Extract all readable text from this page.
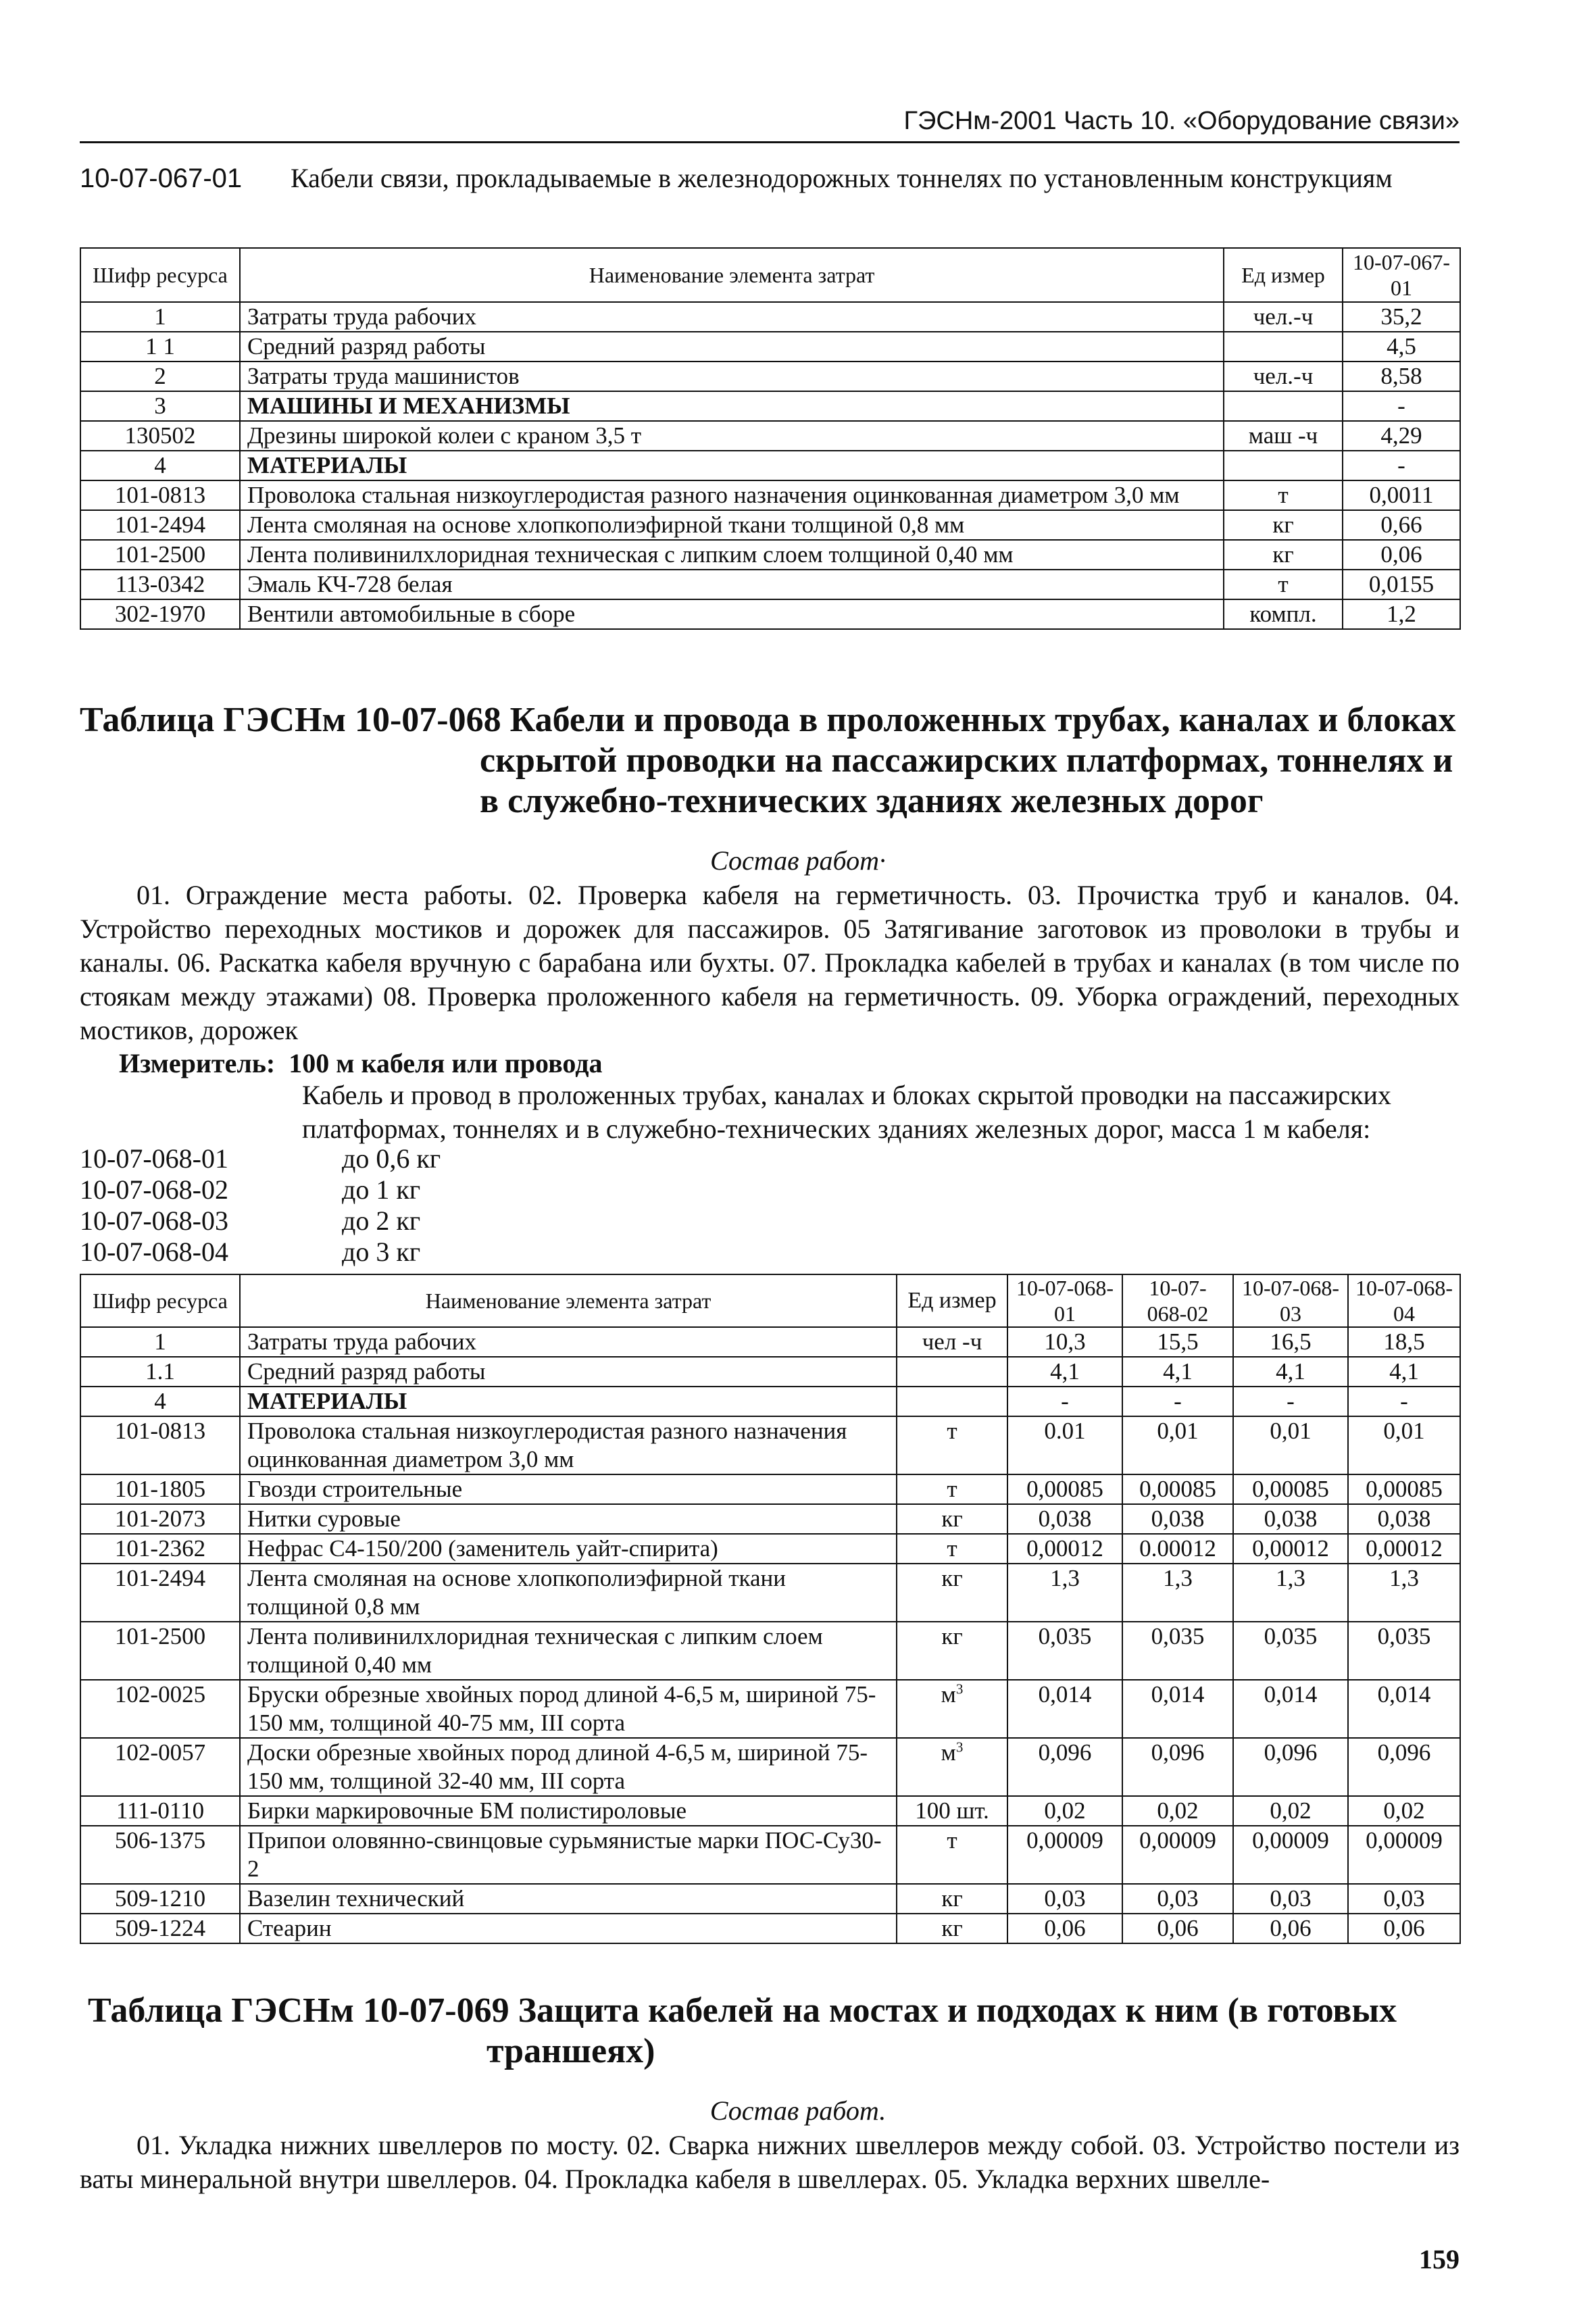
ГЭСНм-2001 Часть 10. «Оборудование связи»
10-07-067-01 Кабели связи, прокладываемые в железнодорожных тоннелях по установленным конструкциям
Шифр ресурса	Наименование элемента затрат	Ед измер	10-07-067-01
1	Затраты труда рабочих	чел.-ч	35,2
1 1	Средний разряд работы		4,5
2	Затраты труда машинистов	чел.-ч	8,58
3	МАШИНЫ И МЕХАНИЗМЫ		-
130502	Дрезины широкой колеи с краном 3,5 т	маш -ч	4,29
4	МАТЕРИАЛЫ		-
101-0813	Проволока стальная низкоуглеродистая разного назначения оцинкованная диаметром 3,0 мм	т	0,0011
101-2494	Лента смоляная на основе хлопкополиэфирной ткани толщиной 0,8 мм	кг	0,66
101-2500	Лента поливинилхлоридная техническая с липким слоем толщиной 0,40 мм	кг	0,06
113-0342	Эмаль КЧ-728 белая	т	0,0155
302-1970	Вентили автомобильные в сборе	компл.	1,2
Таблица ГЭСНм 10-07-068 Кабели и провода в проложенных трубах, каналах и блоках
скрытой проводки на пассажирских платформах, тоннелях и
в служебно-технических зданиях железных дорог
Состав работ·
01. Ограждение места работы. 02. Проверка кабеля на герметичность. 03. Прочистка труб и каналов. 04. Устройство переходных мостиков и дорожек для пассажиров. 05 Затягивание заготовок из проволоки в трубы и каналы. 06. Раскатка кабеля вручную с барабана или бухты. 07. Прокладка кабелей в трубах и каналах (в том числе по стоякам между этажами) 08. Проверка проложенного кабеля на герметичность. 09. Уборка ограждений, переходных мостиков, дорожек
Измеритель: 100 м кабеля или провода
Кабель и провод в проложенных трубах, каналах и блоках скрытой проводки на пассажирских платформах, тоннелях и в служебно-технических зданиях железных дорог, масса 1 м кабеля:
10-07-068-01	до 0,6 кг
10-07-068-02	до 1 кг
10-07-068-03	до 2 кг
10-07-068-04	до 3 кг
Шифр ресурса	Наименование элемента затрат	Ед измер	10-07-068-01	10-07-068-02	10-07-068-03	10-07-068-04
1	Затраты труда рабочих	чел -ч	10,3	15,5	16,5	18,5
1.1	Средний разряд работы		4,1	4,1	4,1	4,1
4	МАТЕРИАЛЫ		-	-	-	-
101-0813	Проволока стальная низкоуглеродистая разного назначения оцинкованная диаметром 3,0 мм	т	0.01	0,01	0,01	0,01
101-1805	Гвозди строительные	т	0,00085	0,00085	0,00085	0,00085
101-2073	Нитки суровые	кг	0,038	0,038	0,038	0,038
101-2362	Нефрас С4-150/200 (заменитель уайт-спирита)	т	0,00012	0.00012	0,00012	0,00012
101-2494	Лента смоляная на основе хлопкополиэфирной ткани толщиной 0,8 мм	кг	1,3	1,3	1,3	1,3
101-2500	Лента поливинилхлоридная техническая с липким слоем толщиной 0,40 мм	кг	0,035	0,035	0,035	0,035
102-0025	Бруски обрезные хвойных пород длиной 4-6,5 м, шириной 75-150 мм, толщиной 40-75 мм, III сорта	$м^3$	0,014	0,014	0,014	0,014
102-0057	Доски обрезные хвойных пород длиной 4-6,5 м, шириной 75-150 мм, толщиной 32-40 мм, III сорта	$м^3$	0,096	0,096	0,096	0,096
111-0110	Бирки маркировочные БМ полистироловые	100 шт.	0,02	0,02	0,02	0,02
506-1375	Припои оловянно-свинцовые сурьмянистые марки ПОС-Су30-2	т	0,00009	0,00009	0,00009	0,00009
509-1210	Вазелин технический	кг	0,03	0,03	0,03	0,03
509-1224	Стеарин	кг	0,06	0,06	0,06	0,06
Таблица ГЭСНм 10-07-069 Защита кабелей на мостах и подходах к ним (в готовых
траншеях)
Состав работ.
01. Укладка нижних швеллеров по мосту. 02. Сварка нижних швеллеров между собой. 03. Устройство постели из ваты минеральной внутри швеллеров. 04. Прокладка кабеля в швеллерах. 05. Укладка верхних швелле-
159
